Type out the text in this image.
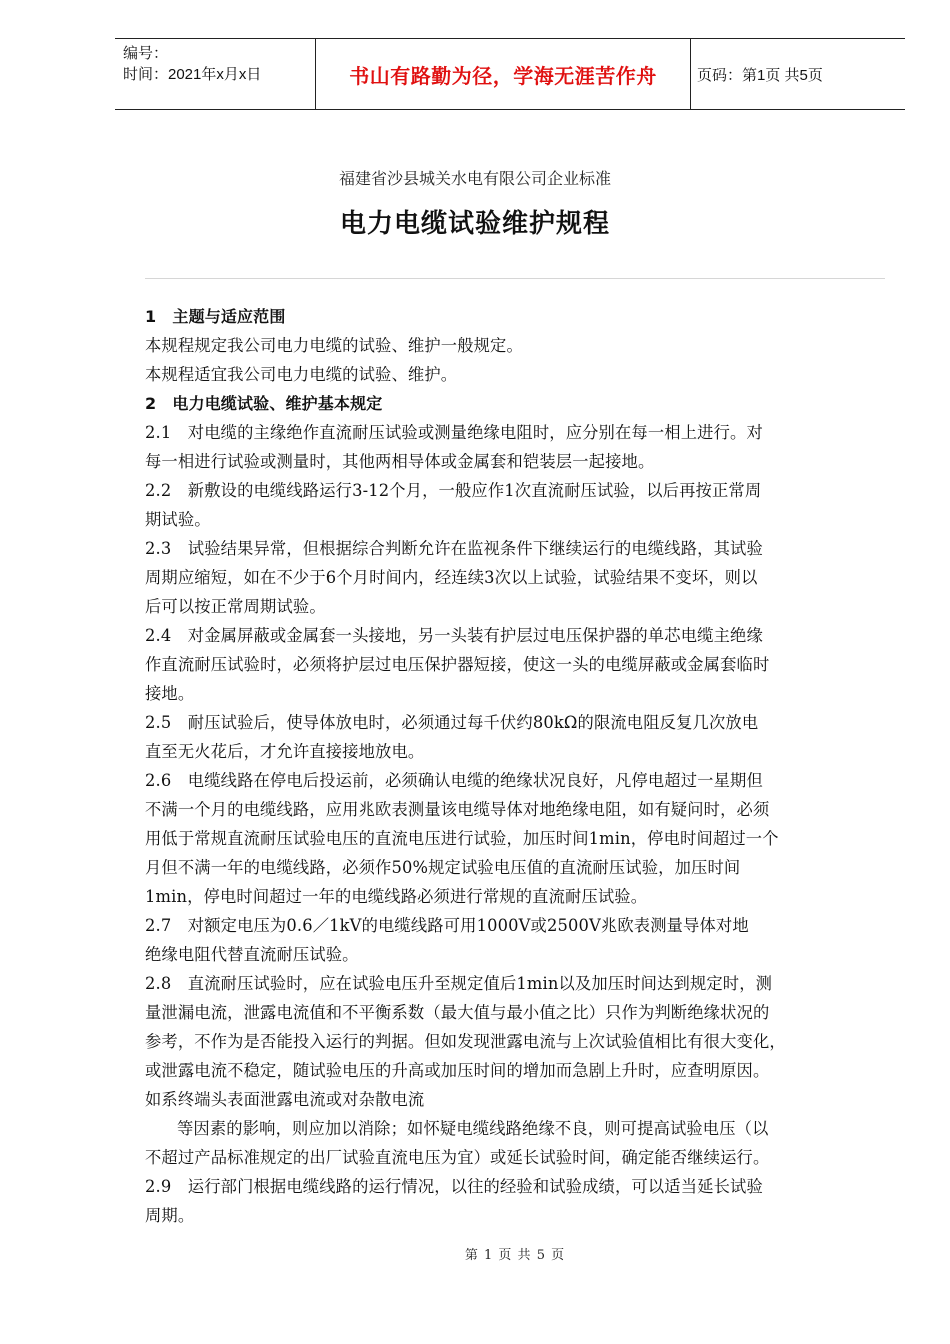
编号：
时间：2021年x月x日	书山有路勤为径，学海无涯苦作舟	页码：第1页 共5页
福建省沙县城关水电有限公司企业标准
电力电缆试验维护规程
1　主题与适应范围
本规程规定我公司电力电缆的试验、维护一般规定。
本规程适宜我公司电力电缆的试验、维护。
2　电力电缆试验、维护基本规定
2.1　对电缆的主缘绝作直流耐压试验或测量绝缘电阻时，应分别在每一相上进行。对
每一相进行试验或测量时，其他两相导体或金属套和铠装层一起接地。
2.2　新敷设的电缆线路运行3-12个月，一般应作1次直流耐压试验，以后再按正常周
期试验。
2.3　试验结果异常，但根据综合判断允许在监视条件下继续运行的电缆线路，其试验
周期应缩短，如在不少于6个月时间内，经连续3次以上试验，试验结果不变坏，则以
后可以按正常周期试验。
2.4　对金属屏蔽或金属套一头接地，另一头装有护层过电压保护器的单芯电缆主绝缘
作直流耐压试验时，必须将护层过电压保护器短接，使这一头的电缆屏蔽或金属套临时
接地。
2.5　耐压试验后，使导体放电时，必须通过每千伏约80kΩ的限流电阻反复几次放电
直至无火花后，才允许直接接地放电。
2.6　电缆线路在停电后投运前，必须确认电缆的绝缘状况良好，凡停电超过一星期但
不满一个月的电缆线路，应用兆欧表测量该电缆导体对地绝缘电阻，如有疑问时，必须
用低于常规直流耐压试验电压的直流电压进行试验，加压时间1min，停电时间超过一个
月但不满一年的电缆线路，必须作50%规定试验电压值的直流耐压试验，加压时间
1min，停电时间超过一年的电缆线路必须进行常规的直流耐压试验。
2.7　对额定电压为0.6／1kV的电缆线路可用1000V或2500V兆欧表测量导体对地
绝缘电阻代替直流耐压试验。
2.8　直流耐压试验时，应在试验电压升至规定值后1min以及加压时间达到规定时，测
量泄漏电流，泄露电流值和不平衡系数（最大值与最小值之比）只作为判断绝缘状况的
参考，不作为是否能投入运行的判据。但如发现泄露电流与上次试验值相比有很大变化，
或泄露电流不稳定，随试验电压的升高或加压时间的增加而急剧上升时，应查明原因。
如系终端头表面泄露电流或对杂散电流
等因素的影响，则应加以消除；如怀疑电缆线路绝缘不良，则可提高试验电压（以
不超过产品标准规定的出厂试验直流电压为宜）或延长试验时间，确定能否继续运行。
2.9　运行部门根据电缆线路的运行情况，以往的经验和试验成绩，可以适当延长试验
周期。
第 1 页 共 5 页
